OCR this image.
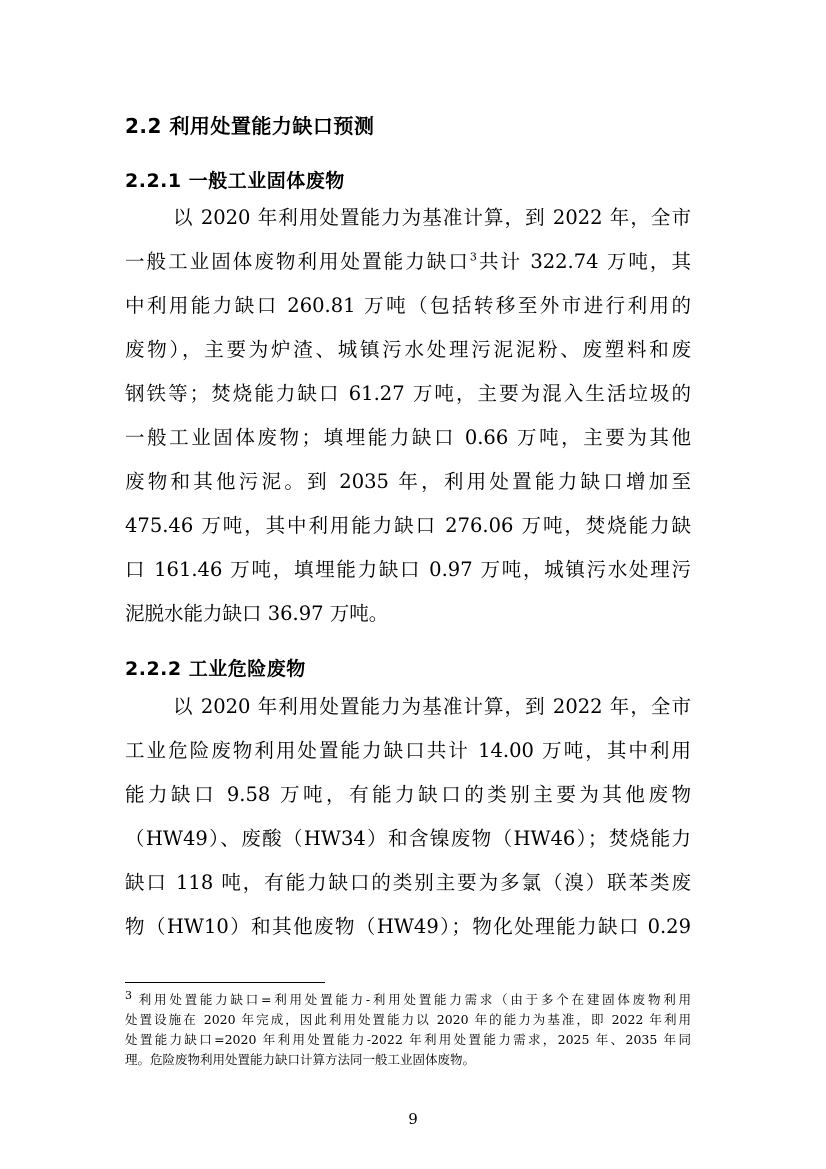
2.2 利用处置能力缺口预测
2.2.1 一般工业固体废物
以 2020 年利用处置能力为基准计算，到 2022 年，全市
一般工业固体废物利用处置能力缺口$^3$共计 322.74 万吨，其
中利用能力缺口 260.81 万吨（包括转移至外市进行利用的
废物），主要为炉渣、城镇污水处理污泥泥粉、废塑料和废
钢铁等；焚烧能力缺口 61.27 万吨，主要为混入生活垃圾的
一般工业固体废物；填埋能力缺口 0.66 万吨，主要为其他
废物和其他污泥。到 2035 年，利用处置能力缺口增加至
475.46 万吨，其中利用能力缺口 276.06 万吨，焚烧能力缺
口 161.46 万吨，填埋能力缺口 0.97 万吨，城镇污水处理污
泥脱水能力缺口 36.97 万吨。
2.2.2 工业危险废物
以 2020 年利用处置能力为基准计算，到 2022 年，全市
工业危险废物利用处置能力缺口共计 14.00 万吨，其中利用
能力缺口 9.58 万吨，有能力缺口的类别主要为其他废物
（HW49）、废酸（HW34）和含镍废物（HW46）；焚烧能力
缺口 118 吨，有能力缺口的类别主要为多氯（溴）联苯类废
物（HW10）和其他废物（HW49）；物化处理能力缺口 0.29
$^3$ 利用处置能力缺口=利用处置能力-利用处置能力需求（由于多个在建固体废物利用
处置设施在 2020 年完成，因此利用处置能力以 2020 年的能力为基准，即 2022 年利用
处置能力缺口=2020 年利用处置能力-2022 年利用处置能力需求，2025 年、2035 年同
理。危险废物利用处置能力缺口计算方法同一般工业固体废物。
9
